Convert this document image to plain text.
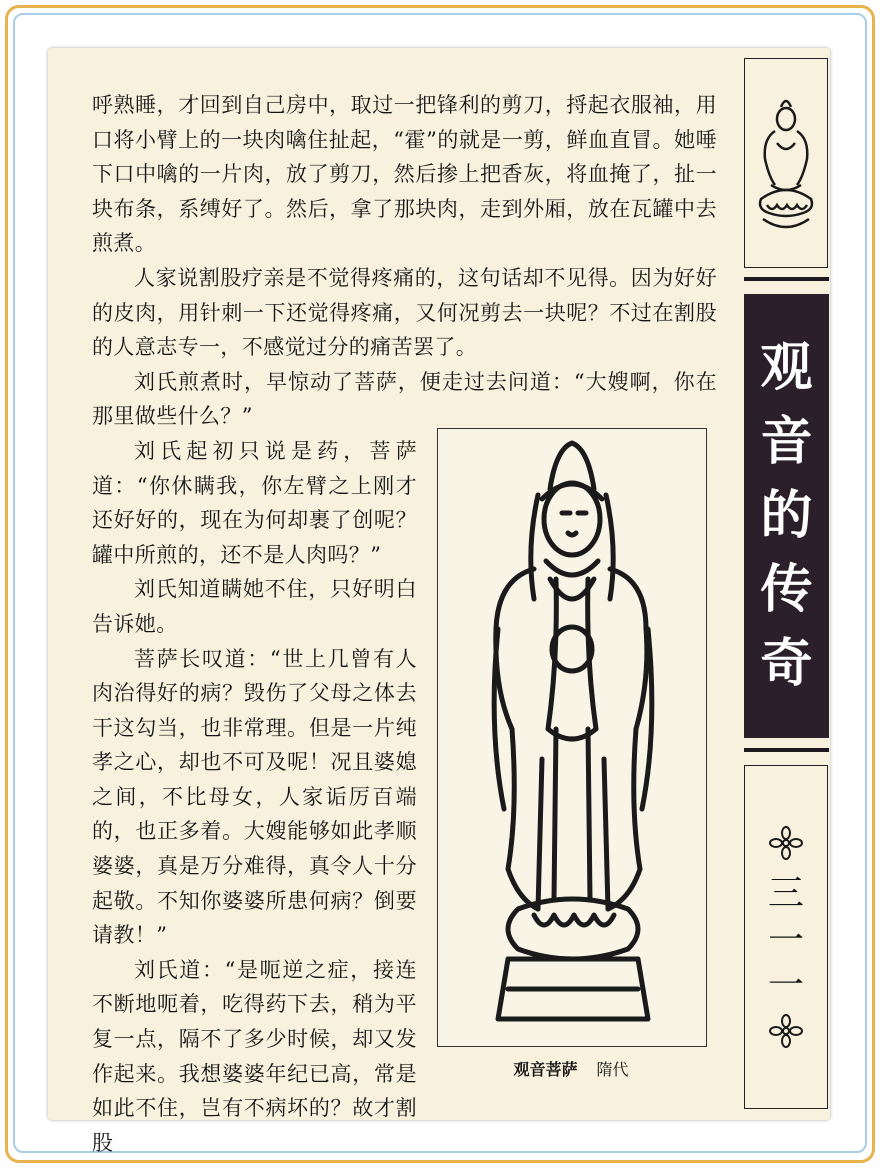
呼熟睡，才回到自己房中，取过一把锋利的剪刀，捋起衣服袖，用口将小臂上的一块肉噙住扯起，“霍”的就是一剪，鲜血直冒。她唾下口中噙的一片肉，放了剪刀，然后掺上把香灰，将血掩了，扯一块布条，系缚好了。然后，拿了那块肉，走到外厢，放在瓦罐中去煎煮。

人家说割股疗亲是不觉得疼痛的，这句话却不见得。因为好好的皮肉，用针刺一下还觉得疼痛，又何况剪去一块呢？不过在割股的人意志专一，不感觉过分的痛苦罢了。

刘氏煎煮时，早惊动了菩萨，便走过去问道：“大嫂啊，你在那里做些什么？”

刘氏起初只说是药，菩萨道：“你休瞒我，你左臂之上刚才还好好的，现在为何却裹了创呢？罐中所煎的，还不是人肉吗？”

刘氏知道瞒她不住，只好明白告诉她。

菩萨长叹道：“世上几曾有人肉治得好的病？毁伤了父母之体去干这勾当，也非常理。但是一片纯孝之心，却也不可及呢！况且婆媳之间，不比母女，人家诟厉百端的，也正多着。大嫂能够如此孝顺婆婆，真是万分难得，真令人十分起敬。不知你婆婆所患何病？倒要请教！”

刘氏道：“是呃逆之症，接连不断地呃着，吃得药下去，稍为平复一点，隔不了多少时候，却又发作起来。我想婆婆年纪已高，常是如此不住，岂有不病坏的？故才割股

观音菩萨 隋代
观
音
的
传
奇
三
一
一
